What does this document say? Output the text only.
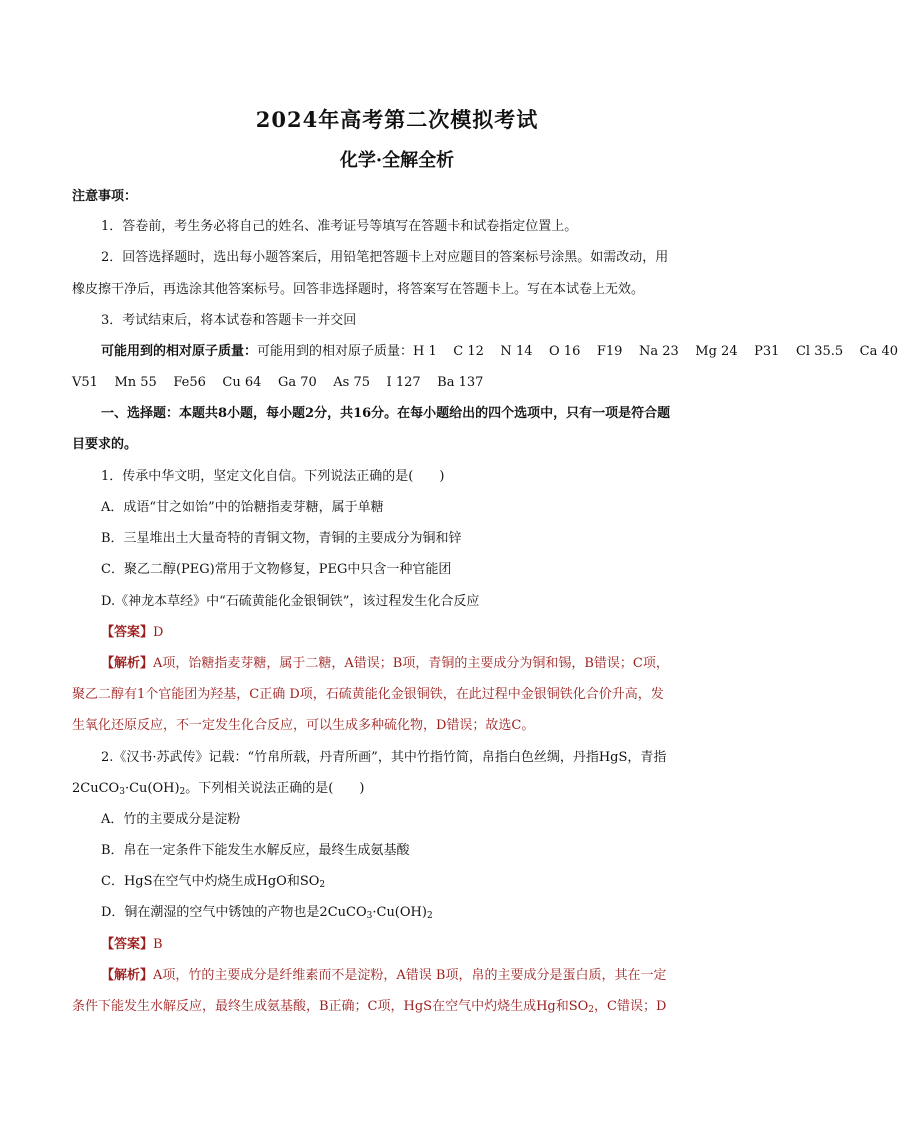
2024年高考第二次模拟考试
化学·全解全析
注意事项：
1．答卷前，考生务必将自己的姓名、准考证号等填写在答题卡和试卷指定位置上。
2．回答选择题时，选出每小题答案后，用铅笔把答题卡上对应题目的答案标号涂黑。如需改动，用
橡皮擦干净后，再选涂其他答案标号。回答非选择题时，将答案写在答题卡上。写在本试卷上无效。
3．考试结束后，将本试卷和答题卡一并交回
可能用到的相对原子质量：可能用到的相对原子质量：H 1    C 12    N 14    O 16    F19    Na 23    Mg 24    P31    Cl 35.5    Ca 40
V51    Mn 55    Fe56    Cu 64    Ga 70    As 75    I 127    Ba 137
一、选择题：本题共8小题，每小题2分，共16分。在每小题给出的四个选项中，只有一项是符合题
目要求的。
1．传承中华文明，坚定文化自信。下列说法正确的是(　　)
A．成语“甘之如饴”中的饴糖指麦芽糖，属于单糖
B．三星堆出土大量奇特的青铜文物，青铜的主要成分为铜和锌
C．聚乙二醇(PEG)常用于文物修复，PEG中只含一种官能团
D.《神龙本草经》中“石硫黄能化金银铜铁”，该过程发生化合反应
【答案】D
【解析】A项，饴糖指麦芽糖，属于二糖，A错误；B项，青铜的主要成分为铜和锡，B错误；C项，
聚乙二醇有1个官能团为羟基，C正确 D项，石硫黄能化金银铜铁，在此过程中金银铜铁化合价升高，发
生氧化还原反应，不一定发生化合反应，可以生成多种硫化物，D错误；故选C。
2.《汉书·苏武传》记载：“竹帛所载，丹青所画”，其中竹指竹简，帛指白色丝绸，丹指HgS，青指
$2CuCO_3\cdot Cu(OH)_2$。下列相关说法正确的是(　　)
A．竹的主要成分是淀粉
B．帛在一定条件下能发生水解反应，最终生成氨基酸
C．HgS在空气中灼烧生成HgO和$SO_2$
D．铜在潮湿的空气中锈蚀的产物也是$2CuCO_3\cdot Cu(OH)_2$
【答案】B
【解析】A项，竹的主要成分是纤维素而不是淀粉，A错误 B项，帛的主要成分是蛋白质，其在一定
条件下能发生水解反应，最终生成氨基酸，B正确；C项，HgS在空气中灼烧生成Hg和$SO_2$，C错误；D
